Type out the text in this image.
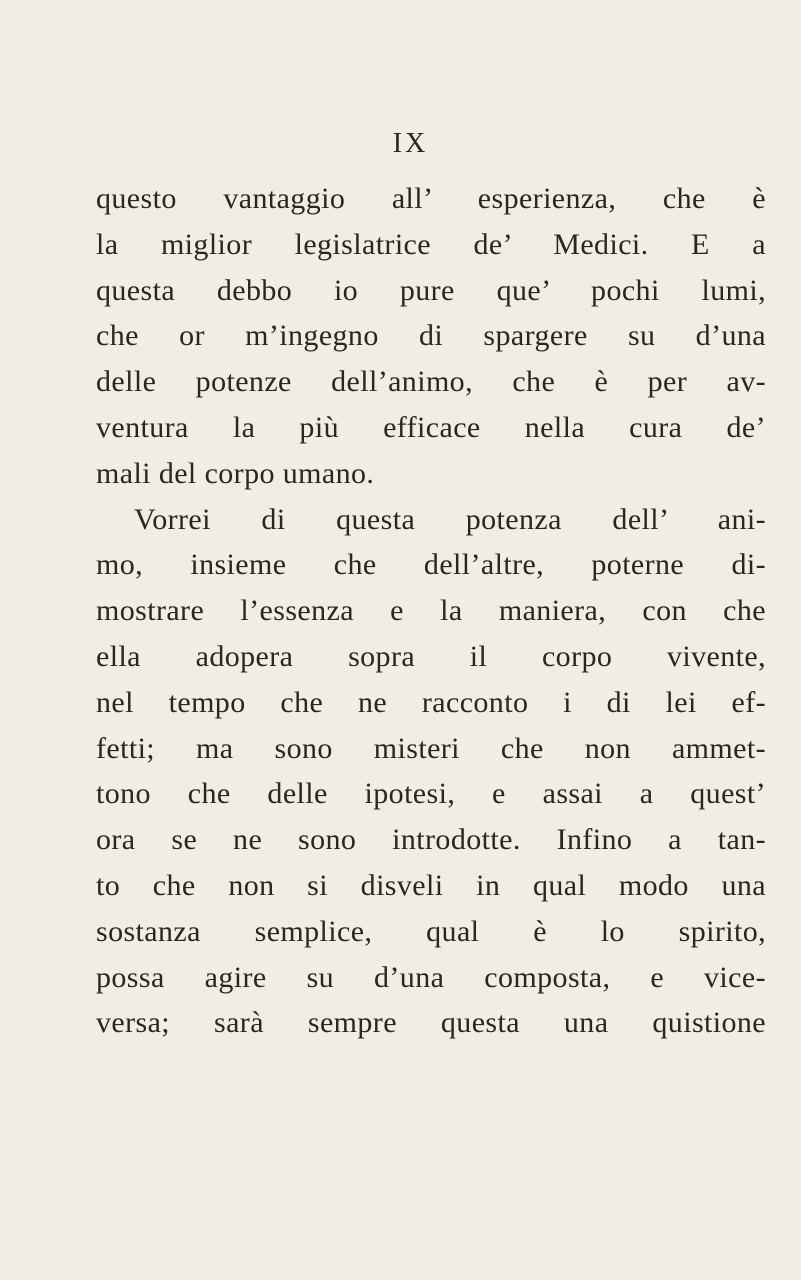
IX
questo vantaggio all’ esperienza, che è
la miglior legislatrice de’ Medici. E a
questa debbo io pure que’ pochi lumi,
che or m’ingegno di spargere su d’una
delle potenze dell’animo, che è per av-
ventura la più efficace nella cura de’
mali del corpo umano.
Vorrei di questa potenza dell’ ani-
mo, insieme che dell’altre, poterne di-
mostrare l’essenza e la maniera, con che
ella adopera sopra il corpo vivente,
nel tempo che ne racconto i di lei ef-
fetti; ma sono misteri che non ammet-
tono che delle ipotesi, e assai a quest’
ora se ne sono introdotte. Infino a tan-
to che non si disveli in qual modo una
sostanza semplice, qual è lo spirito,
possa agire su d’una composta, e vice-
versa; sarà sempre questa una quistione
